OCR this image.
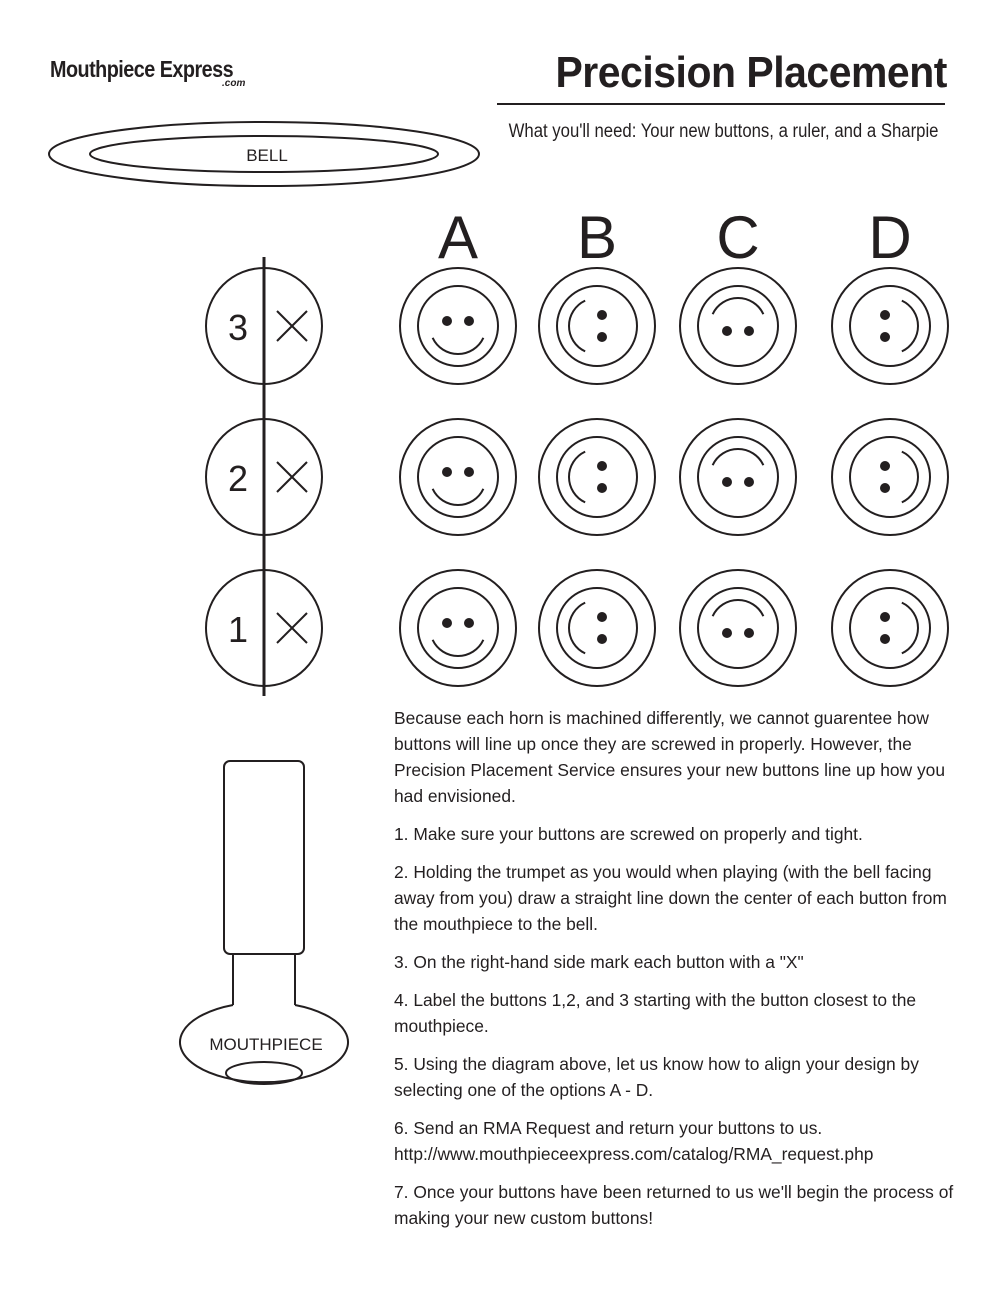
Mouthpiece Express
.com	Precision Placement
What you'll need: Your new buttons, a ruler, and a Sharpie
BELL
MOUTHPIECE
3
2
1
A B C D

Because each horn is machined differently, we cannot guarentee how buttons will line up once they are screwed in properly. However, the Precision Placement Service ensures your new buttons line up how you had envisioned.

1. Make sure your buttons are screwed on properly and tight.

2. Holding the trumpet as you would when playing (with the bell facing away from you) draw a straight line down the center of each button from the mouthpiece to the bell.

3. On the right-hand side mark each button with a "X"

4. Label the buttons 1,2, and 3 starting with the button closest to the mouthpiece.

5. Using the diagram above, let us know how to align your design by selecting one of the options A - D.

6. Send an RMA Request and return your buttons to us.
http://www.mouthpieceexpress.com/catalog/RMA_request.php

7. Once your buttons have been returned to us we'll begin the process of making your new custom buttons!
